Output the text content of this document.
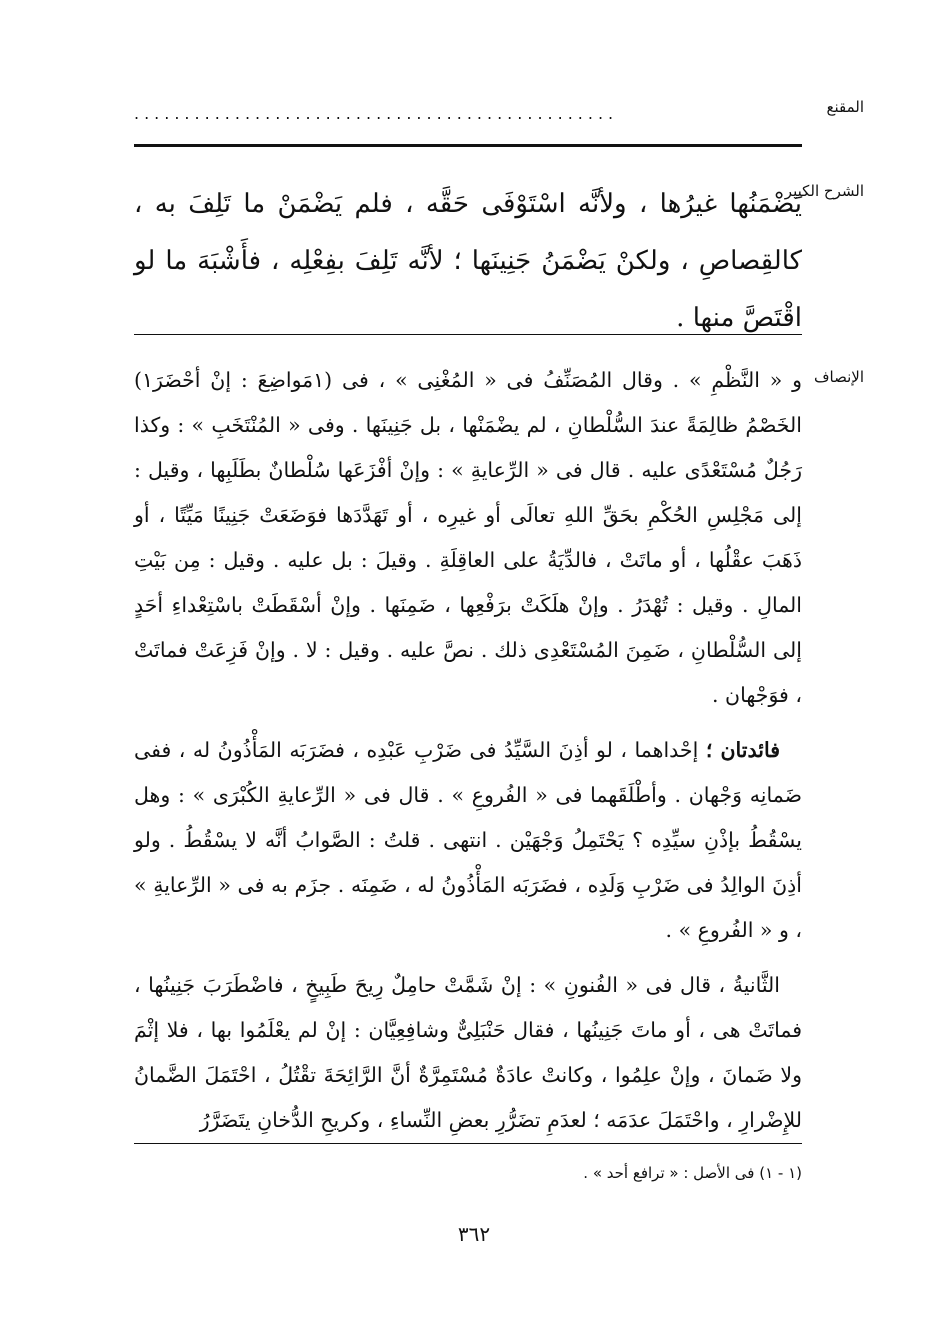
المقنع
................................................
الشرح الكبير

يَضْمَنُها غيرُها ، ولأنَّه اسْتَوْفَى حَقَّه ، فلم يَضْمَنْ ما تَلِفَ به ، كالقِصاصِ ، ولكنْ يَضْمَنُ جَنِينَها ؛ لأنَّه تَلِفَ بفِعْلِه ، فأَشْبَهَ ما لو اقْتَصَّ منها .

الإنصاف

و « النَّظْمِ » . وقال المُصَنِّفُ فى « المُغْنِى » ، فى (١مَواضِعَ : إنْ أحْضَرَ١) الخَصْمُ ظالِمَةً عندَ السُّلْطانِ ، لم يضْمَنْها ، بل جَنِينَها . وفى « المُنْتَخَبِ » : وكذا رَجُلٌ مُسْتَعْدًى عليه . قال فى « الرِّعايةِ » : وإنْ أفْزَعَها سُلْطانٌ بطَلَبِها ، وقيل : إلى مَجْلِسِ الحُكْمِ بحَقِّ اللهِ تعالَى أو غيرِه ، أو تَهَدَّدَها فوَضَعَتْ جَنِينًا مَيِّتًا ، أو ذَهَبَ عقْلُها ، أو ماتَتْ ، فالدِّيَةُ على العاقِلَةِ . وقيلَ : بل عليه . وقيل : مِن بَيْتِ المالِ . وقيل : تُهْدَرُ . وإنْ هلَكَتْ برَفْعِها ، ضَمِنَها . وإنْ أسْقَطَتْ باسْتِعْداءِ أحَدٍ إلى السُّلْطانِ ، ضَمِنَ المُسْتَعْدِى ذلك . نصَّ عليه . وقيل : لا . وإنْ فَزِعَتْ فماتَتْ ، فوَجْهان .

فائدتان ؛ إحْداهما ، لو أذِنَ السَّيِّدُ فى ضَرْبِ عَبْدِه ، فضَرَبَه المَأْذُونُ له ، ففى ضَمانِه وَجْهان . وأطْلَقَهما فى « الفُروعِ » . قال فى « الرِّعايةِ الكُبْرَى » : وهل يسْقُطُ بإذْنِ سيِّدِه ؟ يَحْتَمِلُ وَجْهَيْن . انتهى . قلتُ : الصَّوابُ أنَّه لا يسْقُطُ . ولو أذِنَ الوالِدُ فى ضَرْبِ وَلَدِه ، فضَرَبَه المَأْذُونُ له ، ضَمِنَه . جزَم به فى « الرِّعايةِ » ، و « الفُروعِ » .

الثَّانيةُ ، قال فى « الفُنونِ » : إنْ شَمَّتْ حامِلٌ رِيحَ طَبِيخٍ ، فاضْطَرَبَ جَنِينُها ، فماتَتْ هى ، أو ماتَ جَنِينُها ، فقال حَنْبَلِىٌّ وشافِعِيَّان : إنْ لم يعْلَمُوا بها ، فلا إثْمَ ولا ضَمانَ ، وإنْ علِمُوا ، وكانتْ عادَةٌ مُسْتَمِرَّةٌ أنَّ الرَّائِحَةَ تقْتُلُ ، احْتَمَلَ الضَّمانُ للإِضْرارِ ، واحْتَمَلَ عدَمَه ؛ لعدَمِ تضَرُّرِ بعضِ النِّساءِ ، وكريحِ الدُّخانِ يتَضَرَّرُ

(١ - ١) فى الأصل : « ترافع أحد » .
٣٦٢
